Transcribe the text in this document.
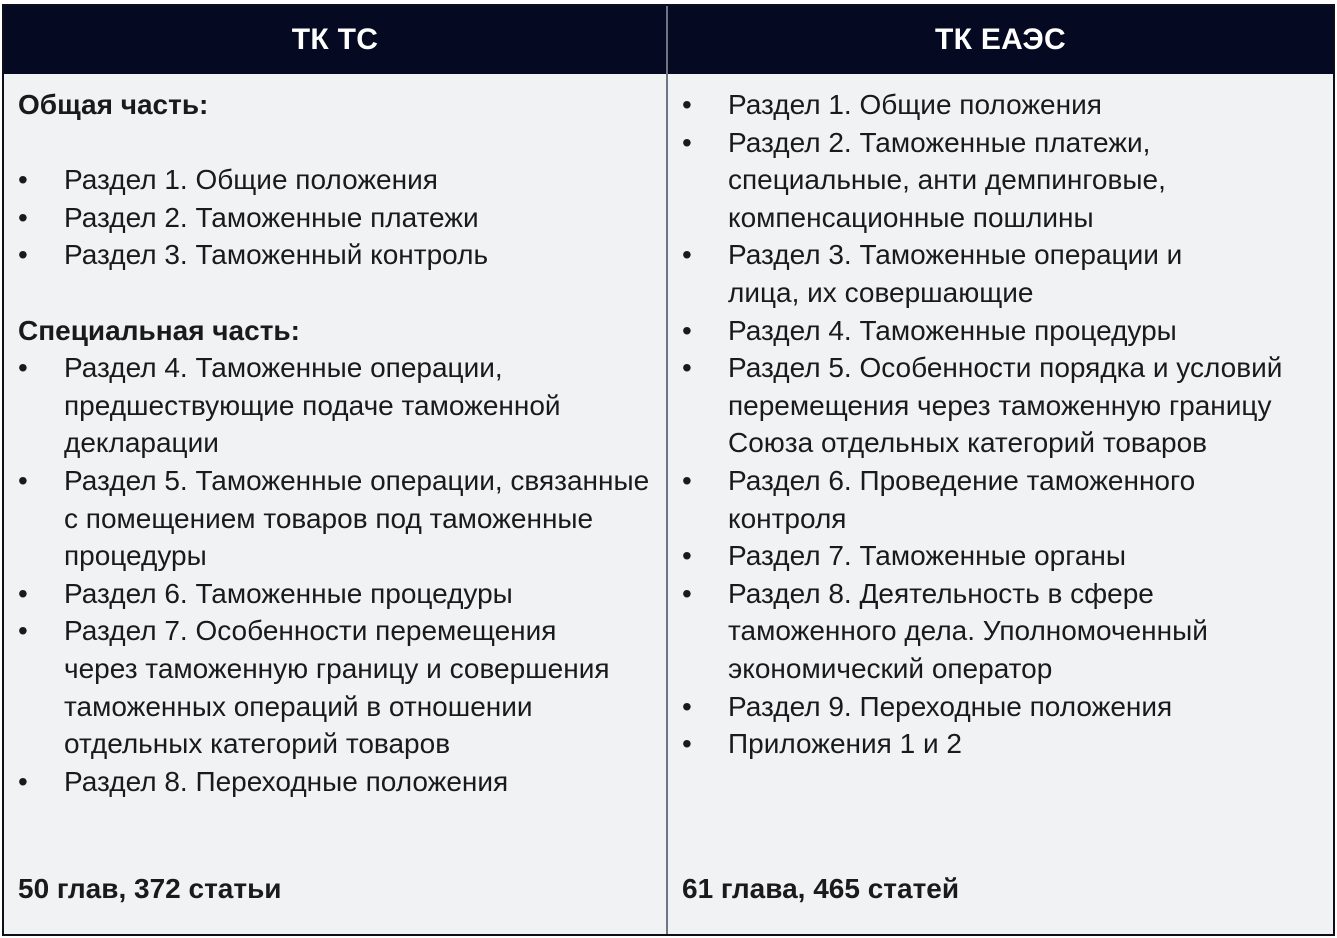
ТК ТС	ТК ЕАЭС

Общая часть:

• Раздел 1. Общие положения
• Раздел 2. Таможенные платежи
• Раздел 3. Таможенный контроль

Специальная часть:

• Раздел 4. Таможенные операции, предшествующие подаче таможенной декларации
• Раздел 5. Таможенные операции, связанные с помещением товаров под таможенные процедуры
• Раздел 6. Таможенные процедуры
• Раздел 7. Особенности перемещения через таможенную границу и совершения таможенных операций в отношении отдельных категорий товаров
• Раздел 8. Переходные положения
50 глав, 372 статьи
• Раздел 1. Общие положения
• Раздел 2. Таможенные платежи, специальные, анти демпинговые, компенсационные пошлины
• Раздел 3. Таможенные операции и лица, их совершающие
• Раздел 4. Таможенные процедуры
• Раздел 5. Особенности порядка и условий перемещения через таможенную границу Союза отдельных категорий товаров
• Раздел 6. Проведение таможенного контроля
• Раздел 7. Таможенные органы
• Раздел 8. Деятельность в сфере таможенного дела. Уполномоченный экономический оператор
• Раздел 9. Переходные положения
• Приложения 1 и 2
61 глава, 465 статей
